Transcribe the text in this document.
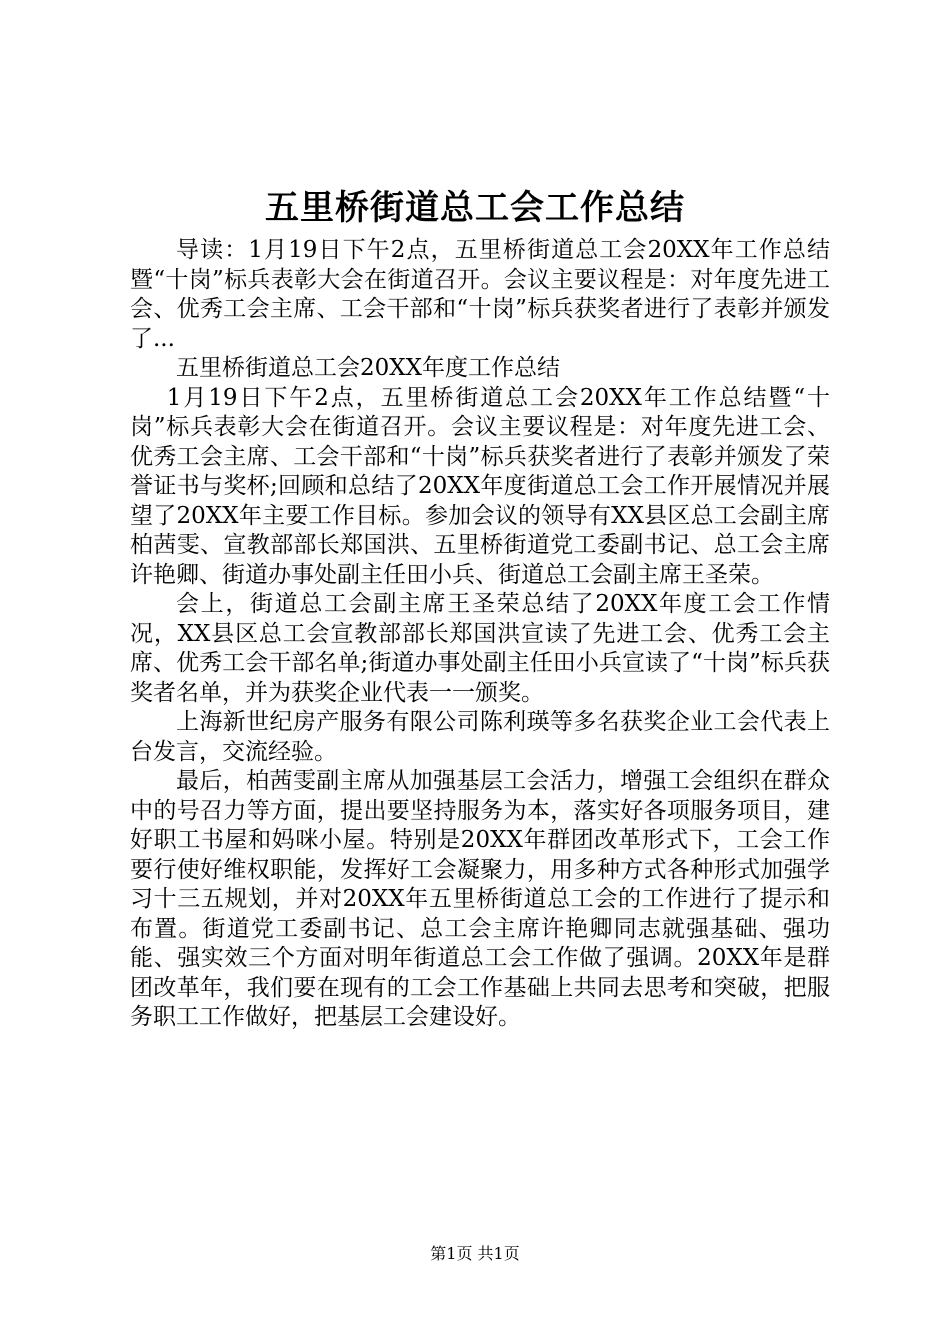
五里桥街道总工会工作总结

导读：1月19日下午2点，五里桥街道总工会20XX年工作总结暨“十岗”标兵表彰大会在街道召开。会议主要议程是：对年度先进工会、优秀工会主席、工会干部和“十岗”标兵获奖者进行了表彰并颁发了...

五里桥街道总工会20XX年度工作总结

1月19日下午2点，五里桥街道总工会20XX年工作总结暨“十岗”标兵表彰大会在街道召开。会议主要议程是：对年度先进工会、优秀工会主席、工会干部和“十岗”标兵获奖者进行了表彰并颁发了荣誉证书与奖杯;回顾和总结了20XX年度街道总工会工作开展情况并展望了20XX年主要工作目标。参加会议的领导有XX县区总工会副主席柏茜雯、宣教部部长郑国洪、五里桥街道党工委副书记、总工会主席许艳卿、街道办事处副主任田小兵、街道总工会副主席王圣荣。

会上，街道总工会副主席王圣荣总结了20XX年度工会工作情况，XX县区总工会宣教部部长郑国洪宣读了先进工会、优秀工会主席、优秀工会干部名单;街道办事处副主任田小兵宣读了“十岗”标兵获奖者名单，并为获奖企业代表一一颁奖。

上海新世纪房产服务有限公司陈利瑛等多名获奖企业工会代表上台发言，交流经验。

最后，柏茜雯副主席从加强基层工会活力，增强工会组织在群众中的号召力等方面，提出要坚持服务为本，落实好各项服务项目，建好职工书屋和妈咪小屋。特别是20XX年群团改革形式下，工会工作要行使好维权职能，发挥好工会凝聚力，用多种方式各种形式加强学习十三五规划，并对20XX年五里桥街道总工会的工作进行了提示和布置。街道党工委副书记、总工会主席许艳卿同志就强基础、强功能、强实效三个方面对明年街道总工会工作做了强调。20XX年是群团改革年，我们要在现有的工会工作基础上共同去思考和突破，把服务职工工作做好，把基层工会建设好。

第1页 共1页
